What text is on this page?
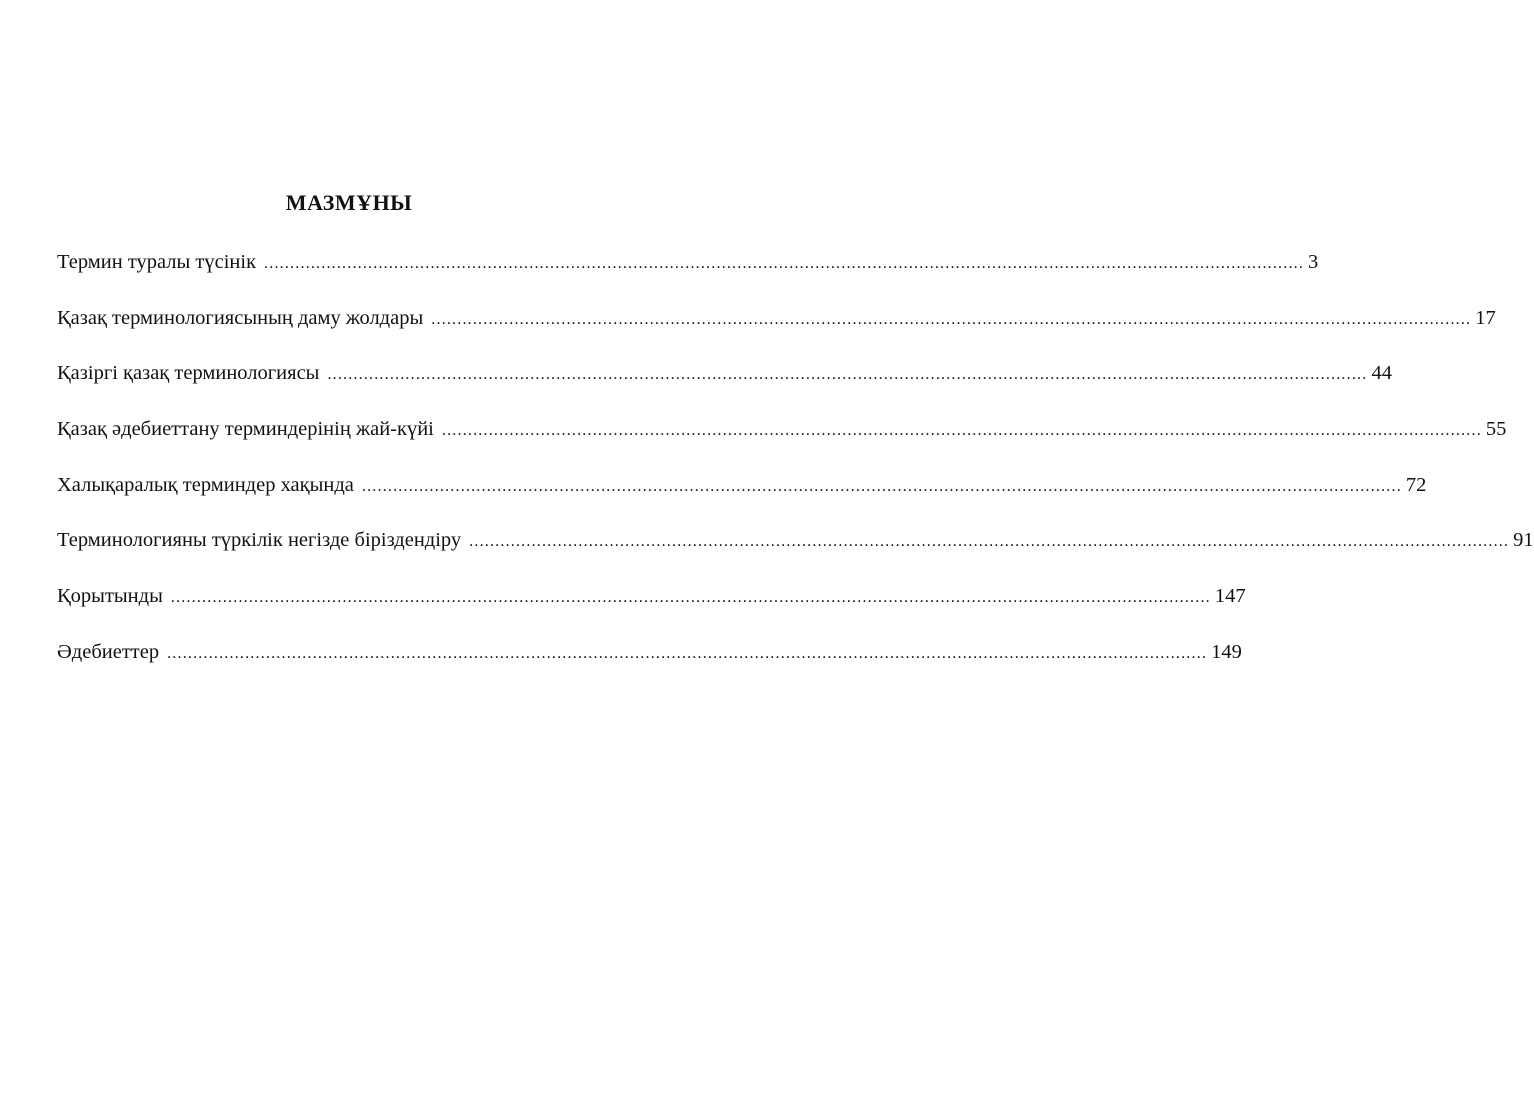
МАЗМҰНЫ
Термин туралы түсінік ........................................................................................................................................................................................................ 3
Қазақ терминологиясының даму жолдары ........................................................................................................................................................................................................ 17
Қазіргі қазақ терминологиясы ........................................................................................................................................................................................................ 44
Қазақ әдебиеттану терминдерінің жай-күйі ........................................................................................................................................................................................................ 55
Халықаралық терминдер хақында ........................................................................................................................................................................................................ 72
Терминологияны түркілік негізде біріздендіру ........................................................................................................................................................................................................ 91
Қорытынды ........................................................................................................................................................................................................ 147
Әдебиеттер ........................................................................................................................................................................................................ 149
